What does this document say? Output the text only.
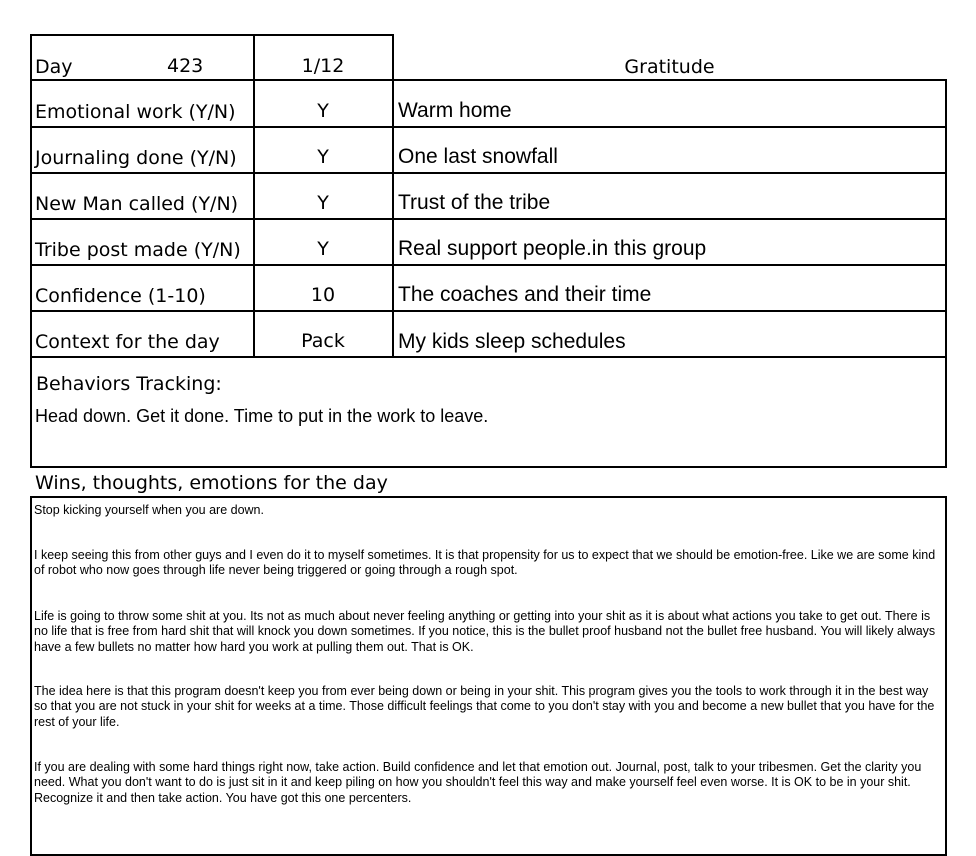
Day	423	1/12	Gratitude
Emotional work (Y/N)	Y	Warm home
Journaling done (Y/N)	Y	One last snowfall
New Man called (Y/N)	Y	Trust of the tribe
Tribe post made (Y/N)	Y	Real support people.in this group
Confidence (1-10)	10	The coaches and their time
Context for the day	Pack	My kids sleep schedules
Behaviors Tracking:
Head down. Get it done. Time to put in the work to leave.
Wins, thoughts, emotions for the day

Stop kicking yourself when you are down.

I keep seeing this from other guys and I even do it to myself sometimes. It is that propensity for us to expect that we should be emotion-free. Like we are some kind of robot who now goes through life never being triggered or going through a rough spot.

Life is going to throw some shit at you. Its not as much about never feeling anything or getting into your shit as it is about what actions you take to get out. There is no life that is free from hard shit that will knock you down sometimes. If you notice, this is the bullet proof husband not the bullet free husband. You will likely always have a few bullets no matter how hard you work at pulling them out. That is OK.

The idea here is that this program doesn't keep you from ever being down or being in your shit. This program gives you the tools to work through it in the best way so that you are not stuck in your shit for weeks at a time. Those difficult feelings that come to you don't stay with you and become a new bullet that you have for the rest of your life.

If you are dealing with some hard things right now, take action. Build confidence and let that emotion out. Journal, post, talk to your tribesmen. Get the clarity you need. What you don't want to do is just sit in it and keep piling on how you shouldn't feel this way and make yourself feel even worse. It is OK to be in your shit. Recognize it and then take action. You have got this one percenters.
